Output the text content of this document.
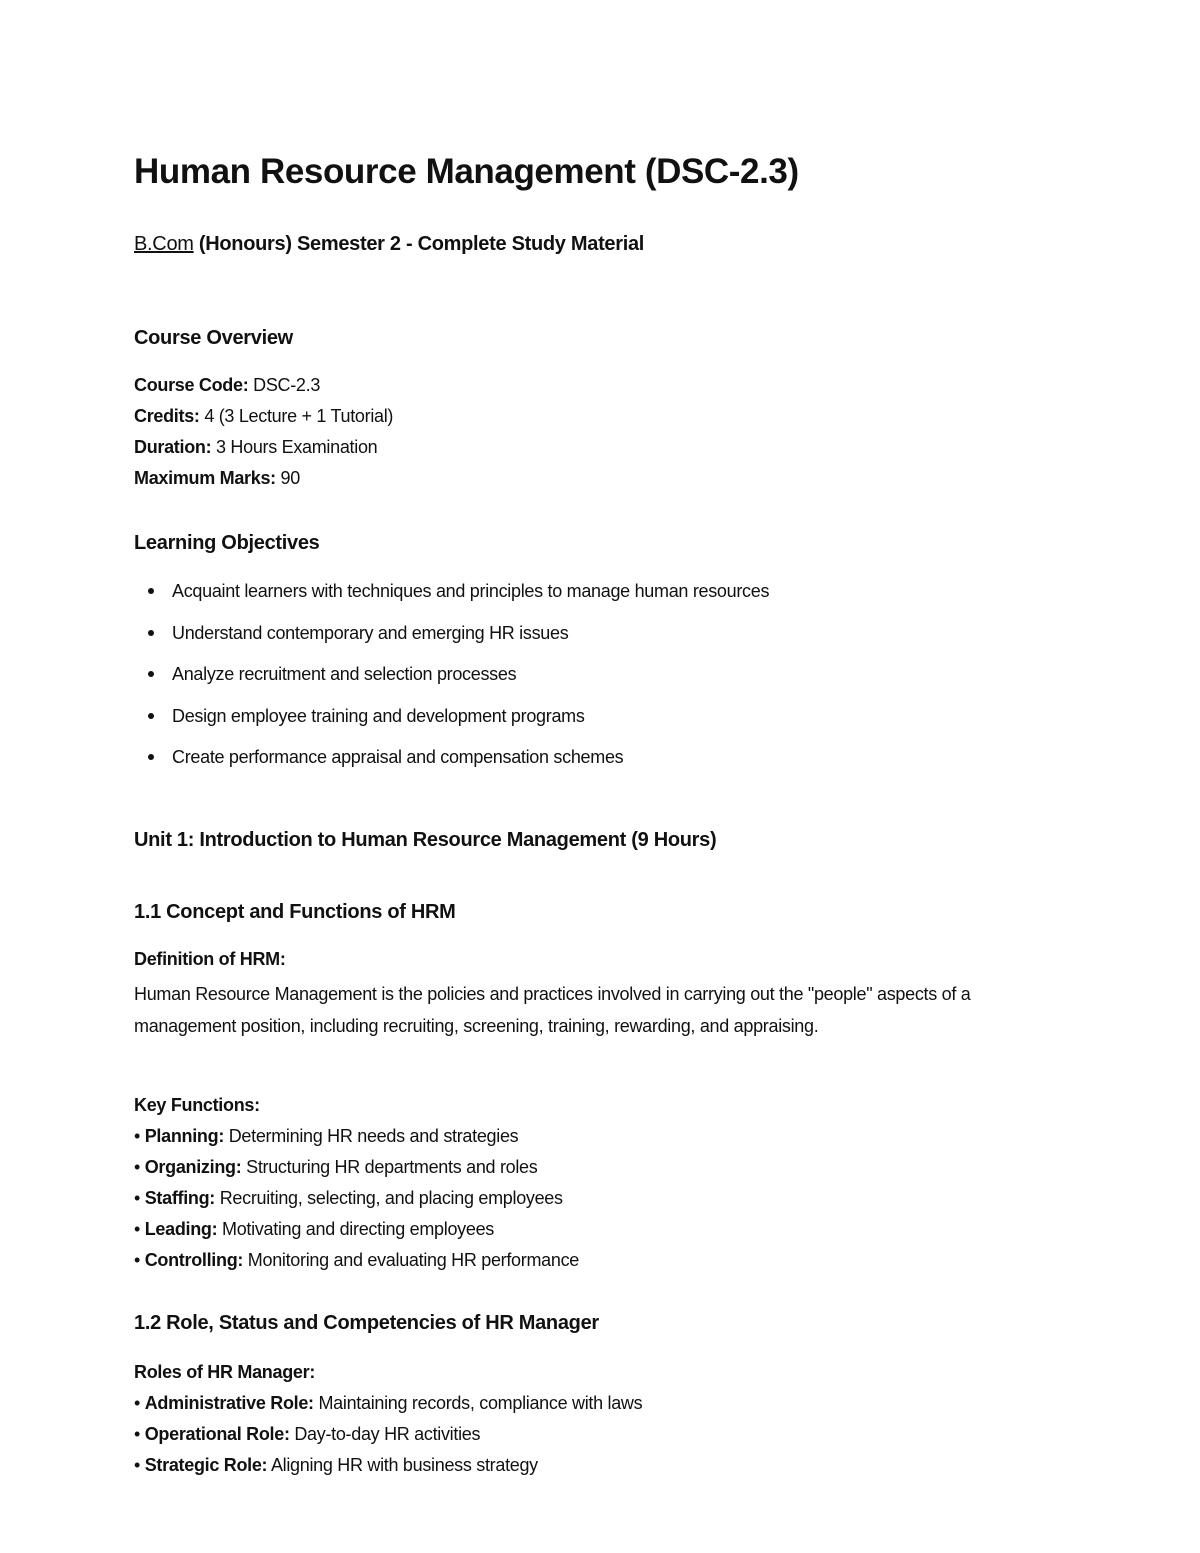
Human Resource Management (DSC-2.3)

B.Com (Honours) Semester 2 - Complete Study Material

Course Overview

Course Code: DSC-2.3

Credits: 4 (3 Lecture + 1 Tutorial)

Duration: 3 Hours Examination

Maximum Marks: 90

Learning Objectives
Acquaint learners with techniques and principles to manage human resources
Understand contemporary and emerging HR issues
Analyze recruitment and selection processes
Design employee training and development programs
Create performance appraisal and compensation schemes
Unit 1: Introduction to Human Resource Management (9 Hours)
1.1 Concept and Functions of HRM

Definition of HRM:

Human Resource Management is the policies and practices involved in carrying out the "people" aspects of a management position, including recruiting, screening, training, rewarding, and appraising.

Key Functions:

• Planning: Determining HR needs and strategies

• Organizing: Structuring HR departments and roles

• Staffing: Recruiting, selecting, and placing employees

• Leading: Motivating and directing employees

• Controlling: Monitoring and evaluating HR performance

1.2 Role, Status and Competencies of HR Manager

Roles of HR Manager:

• Administrative Role: Maintaining records, compliance with laws

• Operational Role: Day-to-day HR activities

• Strategic Role: Aligning HR with business strategy
